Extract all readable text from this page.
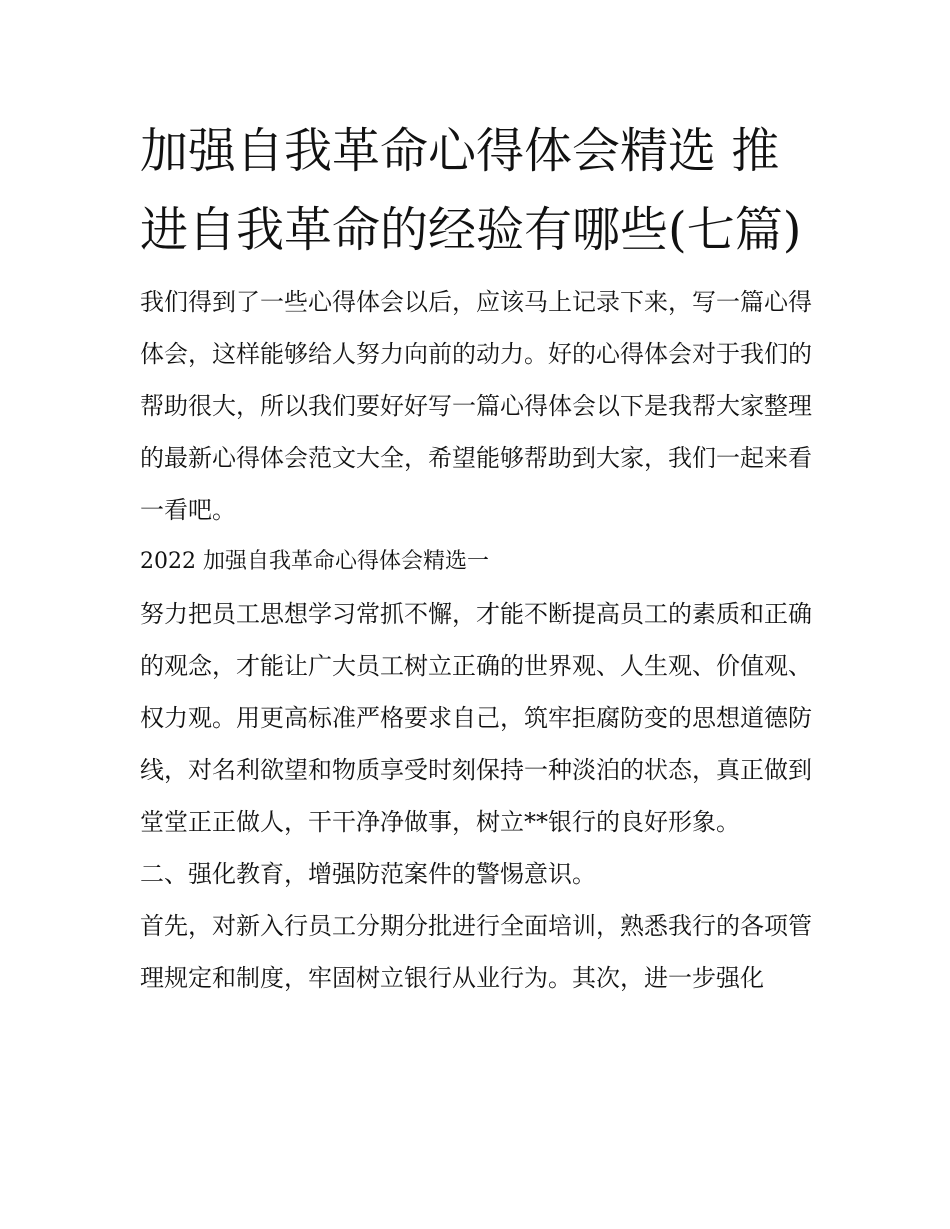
加强自我革命心得体会精选 推进自我革命的经验有哪些(七篇)

我们得到了一些心得体会以后，应该马上记录下来，写一篇心得体会，这样能够给人努力向前的动力。好的心得体会对于我们的帮助很大，所以我们要好好写一篇心得体会以下是我帮大家整理的最新心得体会范文大全，希望能够帮助到大家，我们一起来看一看吧。

2022 加强自我革命心得体会精选一

努力把员工思想学习常抓不懈，才能不断提高员工的素质和正确的观念，才能让广大员工树立正确的世界观、人生观、价值观、权力观。用更高标准严格要求自己，筑牢拒腐防变的思想道德防线，对名利欲望和物质享受时刻保持一种淡泊的状态，真正做到堂堂正正做人，干干净净做事，树立**银行的良好形象。

二、强化教育，增强防范案件的警惕意识。

首先，对新入行员工分期分批进行全面培训，熟悉我行的各项管理规定和制度，牢固树立银行从业行为。其次，进一步强化
